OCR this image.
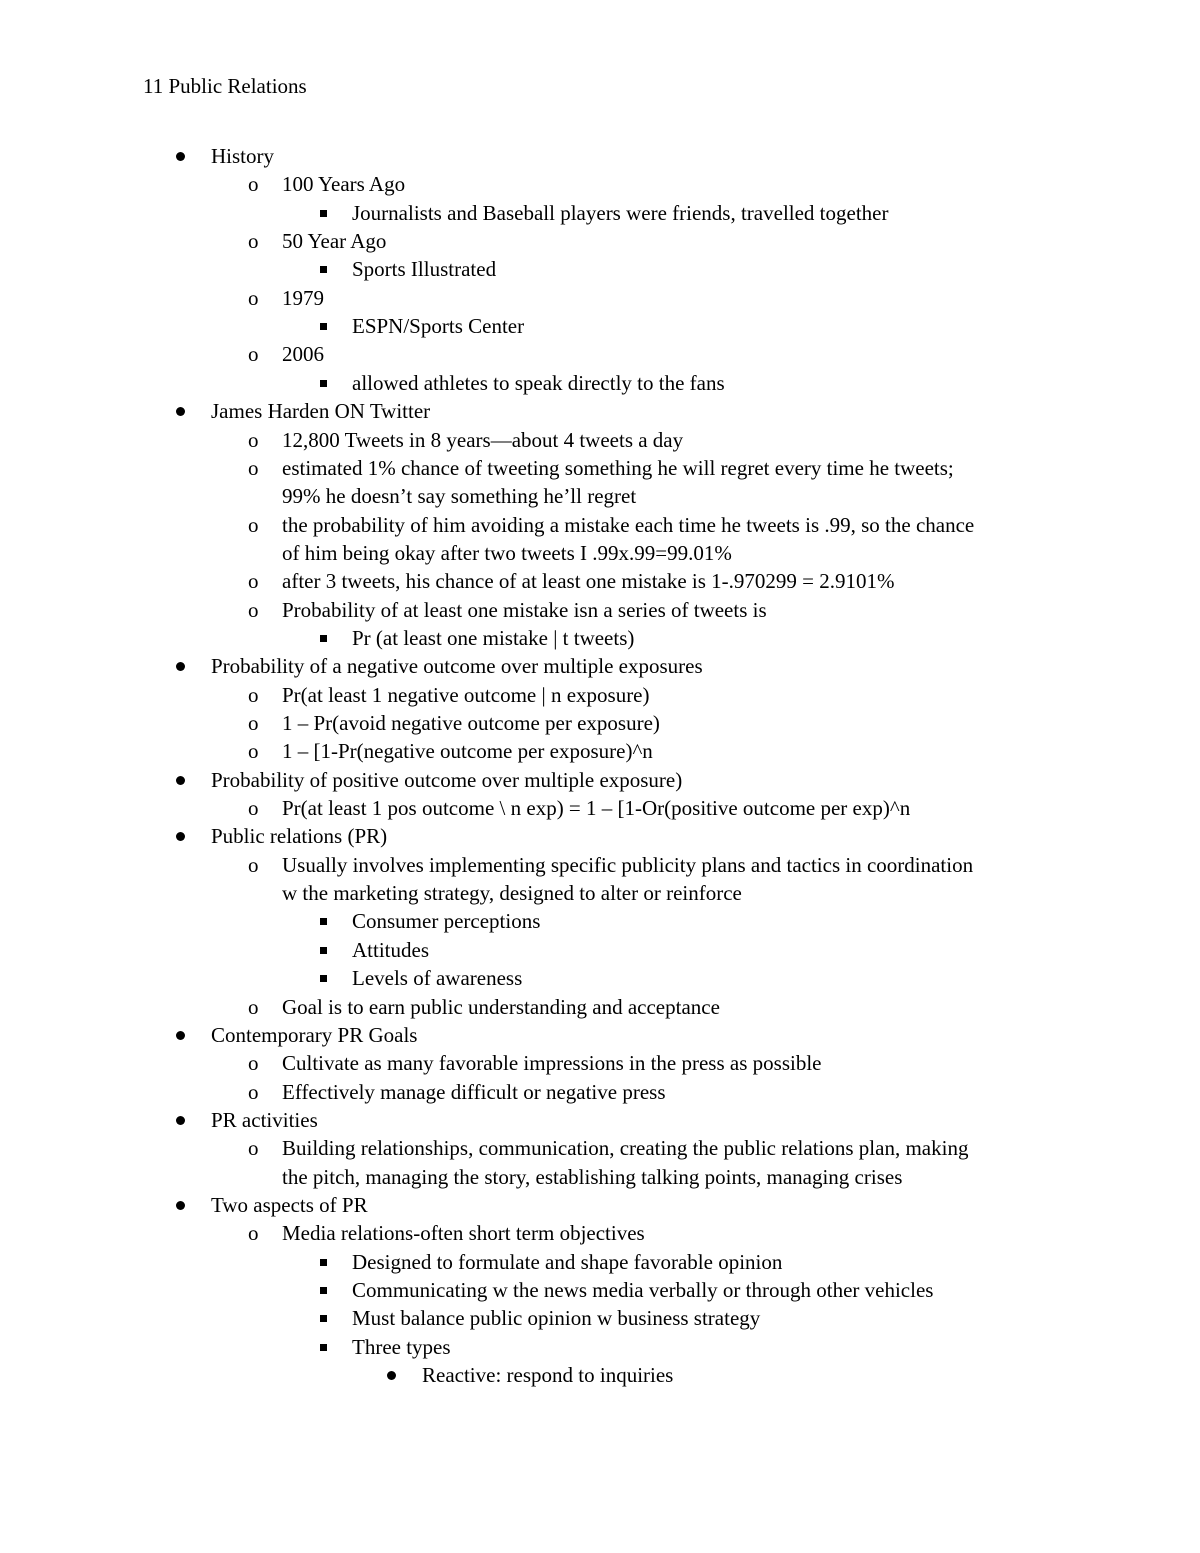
11 Public Relations
History
o 100 Years Ago
Journalists and Baseball players were friends, travelled together
o 50 Year Ago
Sports Illustrated
o 1979
ESPN/Sports Center
o 2006
allowed athletes to speak directly to the fans
James Harden ON Twitter
o 12,800 Tweets in 8 years—about 4 tweets a day
o estimated 1% chance of tweeting something he will regret every time he tweets;
99% he doesn’t say something he’ll regret
o the probability of him avoiding a mistake each time he tweets is .99, so the chance
of him being okay after two tweets I .99x.99=99.01%
o after 3 tweets, his chance of at least one mistake is 1-.970299 = 2.9101%
o Probability of at least one mistake isn a series of tweets is
Pr (at least one mistake | t tweets)
Probability of a negative outcome over multiple exposures
o Pr(at least 1 negative outcome | n exposure)
o 1 – Pr(avoid negative outcome per exposure)
o 1 – [1-Pr(negative outcome per exposure)^n
Probability of positive outcome over multiple exposure)
o Pr(at least 1 pos outcome \ n exp) = 1 – [1-Or(positive outcome per exp)^n
Public relations (PR)
o Usually involves implementing specific publicity plans and tactics in coordination
w the marketing strategy, designed to alter or reinforce
Consumer perceptions
Attitudes
Levels of awareness
o Goal is to earn public understanding and acceptance
Contemporary PR Goals
o Cultivate as many favorable impressions in the press as possible
o Effectively manage difficult or negative press
PR activities
o Building relationships, communication, creating the public relations plan, making
the pitch, managing the story, establishing talking points, managing crises
Two aspects of PR
o Media relations-often short term objectives
Designed to formulate and shape favorable opinion
Communicating w the news media verbally or through other vehicles
Must balance public opinion w business strategy
Three types
Reactive: respond to inquiries
